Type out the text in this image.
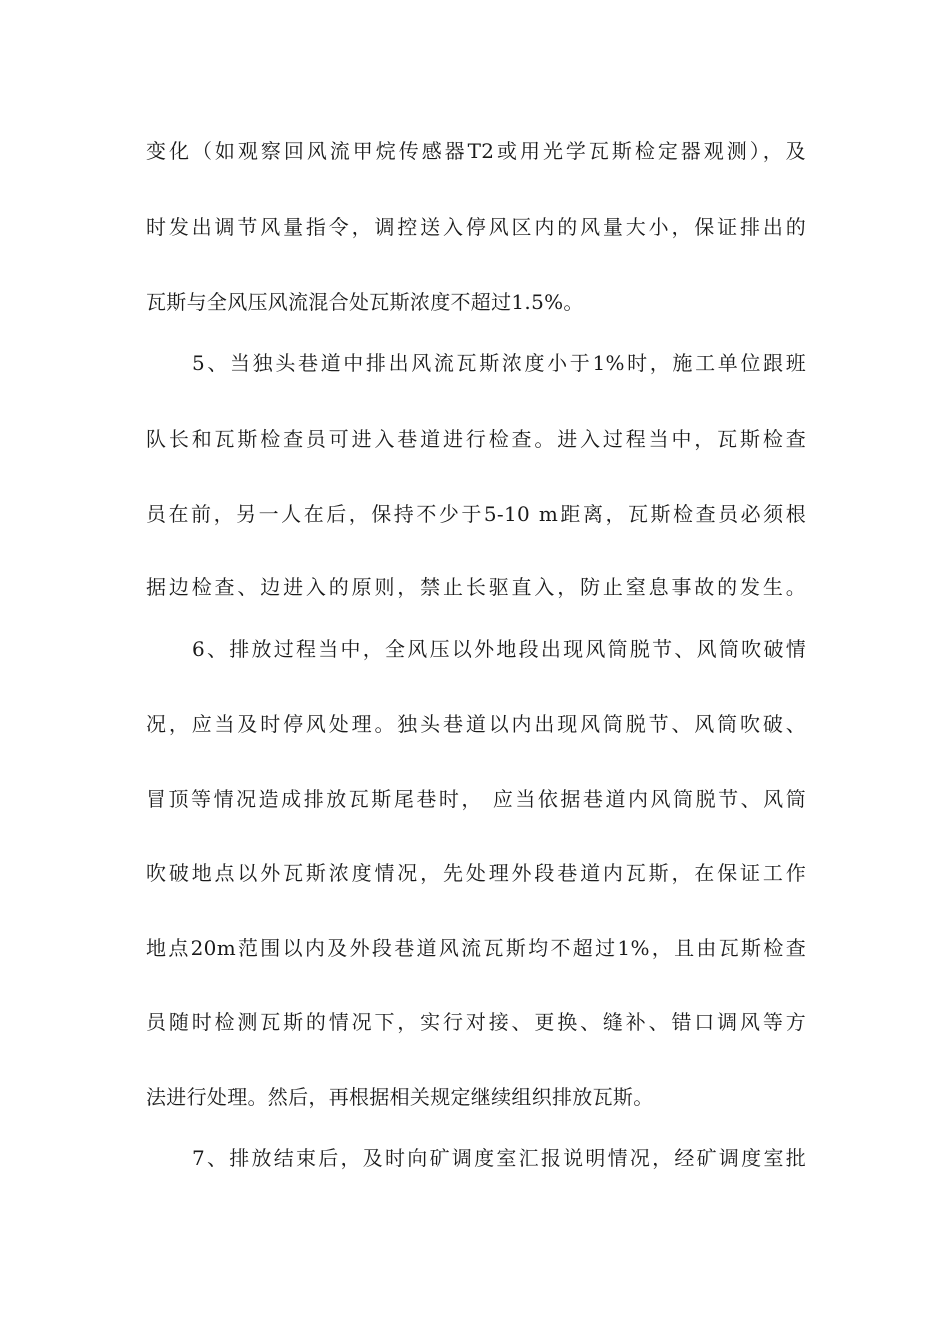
变化（如观察回风流甲烷传感器T2或用光学瓦斯检定器观测），及
时发出调节风量指令，调控送入停风区内的风量大小，保证排出的
瓦斯与全风压风流混合处瓦斯浓度不超过1.5%。
5、当独头巷道中排出风流瓦斯浓度小于1%时，施工单位跟班
队长和瓦斯检查员可进入巷道进行检查。进入过程当中，瓦斯检查
员在前，另一人在后，保持不少于5-10 m距离，瓦斯检查员必须根
据边检查、边进入的原则，禁止长驱直入，防止窒息事故的发生。
6、排放过程当中，全风压以外地段出现风筒脱节、风筒吹破情
况，应当及时停风处理。独头巷道以内出现风筒脱节、风筒吹破、
冒顶等情况造成排放瓦斯尾巷时， 应当依据巷道内风筒脱节、风筒
吹破地点以外瓦斯浓度情况，先处理外段巷道内瓦斯，在保证工作
地点20m范围以内及外段巷道风流瓦斯均不超过1%，且由瓦斯检查
员随时检测瓦斯的情况下，实行对接、更换、缝补、错口调风等方
法进行处理。然后，再根据相关规定继续组织排放瓦斯。
7、排放结束后，及时向矿调度室汇报说明情况，经矿调度室批
